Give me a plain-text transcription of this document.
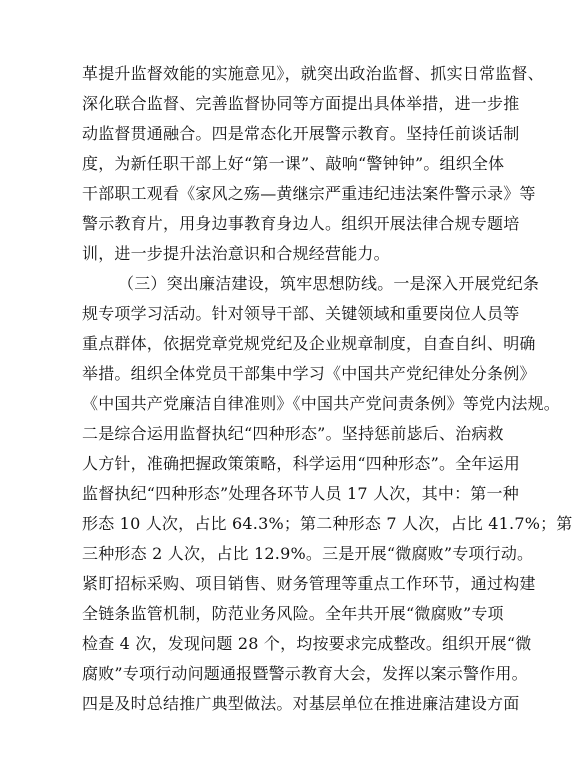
革提升监督效能的实施意见》，就突出政治监督、抓实日常监督、
深化联合监督、完善监督协同等方面提出具体举措，进一步推
动监督贯通融合。四是常态化开展警示教育。坚持任前谈话制
度，为新任职干部上好“第一课”、敲响“警钟钟”。组织全体
干部职工观看《家风之殇—黄继宗严重违纪违法案件警示录》等
警示教育片，用身边事教育身边人。组织开展法律合规专题培
训，进一步提升法治意识和合规经营能力。
（三）突出廉洁建设，筑牢思想防线。一是深入开展党纪条
规专项学习活动。针对领导干部、关键领域和重要岗位人员等
重点群体，依据党章党规党纪及企业规章制度，自查自纠、明确
举措。组织全体党员干部集中学习《中国共产党纪律处分条例》
《中国共产党廉洁自律准则》《中国共产党问责条例》等党内法规。
二是综合运用监督执纪“四种形态”。坚持惩前毖后、治病救
人方针，准确把握政策策略，科学运用“四种形态”。全年运用
监督执纪“四种形态”处理各环节人员 17 人次，其中：第一种
形态 10 人次，占比 64.3%；第二种形态 7 人次，占比 41.7%；第
三种形态 2 人次，占比 12.9%。三是开展“微腐败”专项行动。
紧盯招标采购、项目销售、财务管理等重点工作环节，通过构建
全链条监管机制，防范业务风险。全年共开展“微腐败”专项
检查 4 次，发现问题 28 个，均按要求完成整改。组织开展“微
腐败”专项行动问题通报暨警示教育大会，发挥以案示警作用。
四是及时总结推广典型做法。对基层单位在推进廉洁建设方面
